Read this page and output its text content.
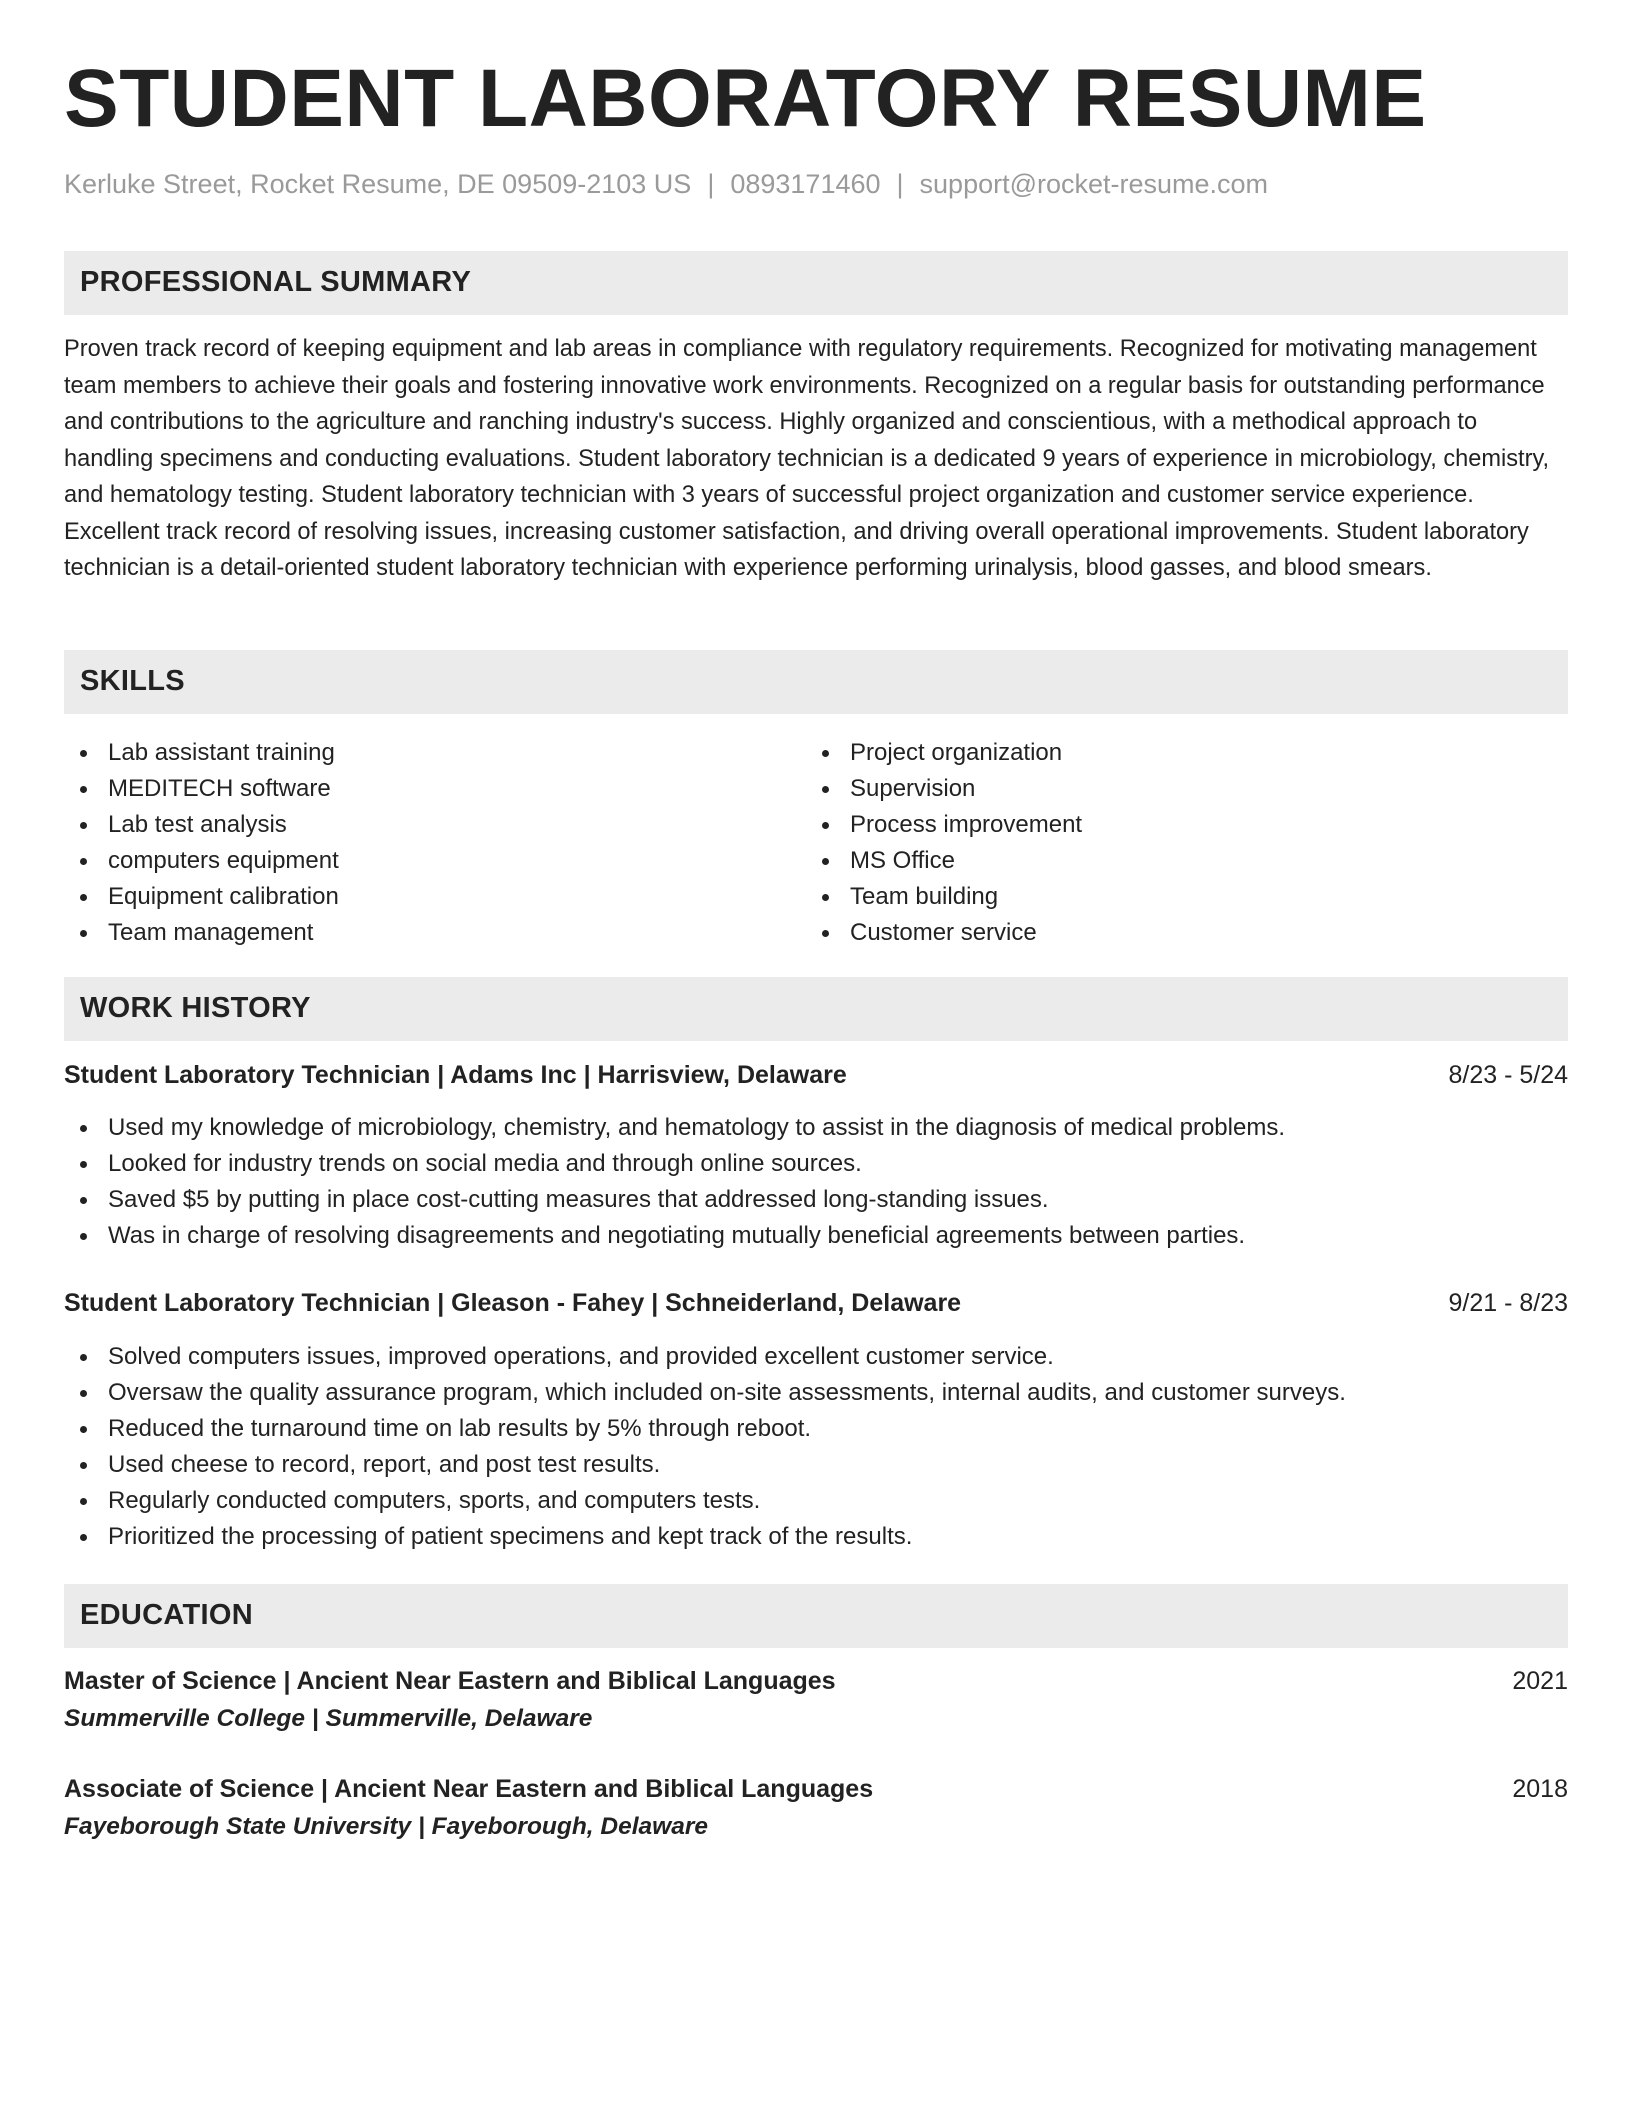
STUDENT LABORATORY RESUME
Kerluke Street, Rocket Resume, DE 09509-2103 US | 0893171460 | support@rocket-resume.com
PROFESSIONAL SUMMARY

Proven track record of keeping equipment and lab areas in compliance with regulatory requirements. Recognized for motivating management team members to achieve their goals and fostering innovative work environments. Recognized on a regular basis for outstanding performance and contributions to the agriculture and ranching industry's success. Highly organized and conscientious, with a methodical approach to handling specimens and conducting evaluations. Student laboratory technician is a dedicated 9 years of experience in microbiology, chemistry, and hematology testing. Student laboratory technician with 3 years of successful project organization and customer service experience. Excellent track record of resolving issues, increasing customer satisfaction, and driving overall operational improvements. Student laboratory technician is a detail-oriented student laboratory technician with experience performing urinalysis, blood gasses, and blood smears.

SKILLS
Lab assistant training
MEDITECH software
Lab test analysis
computers equipment
Equipment calibration
Team management
Project organization
Supervision
Process improvement
MS Office
Team building
Customer service
WORK HISTORY
Student Laboratory Technician | Adams Inc | Harrisview, Delaware	8/23 - 5/24
Used my knowledge of microbiology, chemistry, and hematology to assist in the diagnosis of medical problems.
Looked for industry trends on social media and through online sources.
Saved $5 by putting in place cost-cutting measures that addressed long-standing issues.
Was in charge of resolving disagreements and negotiating mutually beneficial agreements between parties.
Student Laboratory Technician | Gleason - Fahey | Schneiderland, Delaware	9/21 - 8/23
Solved computers issues, improved operations, and provided excellent customer service.
Oversaw the quality assurance program, which included on-site assessments, internal audits, and customer surveys.
Reduced the turnaround time on lab results by 5% through reboot.
Used cheese to record, report, and post test results.
Regularly conducted computers, sports, and computers tests.
Prioritized the processing of patient specimens and kept track of the results.
EDUCATION
Master of Science | Ancient Near Eastern and Biblical Languages	2021
Summerville College | Summerville, Delaware
Associate of Science | Ancient Near Eastern and Biblical Languages	2018
Fayeborough State University | Fayeborough, Delaware
